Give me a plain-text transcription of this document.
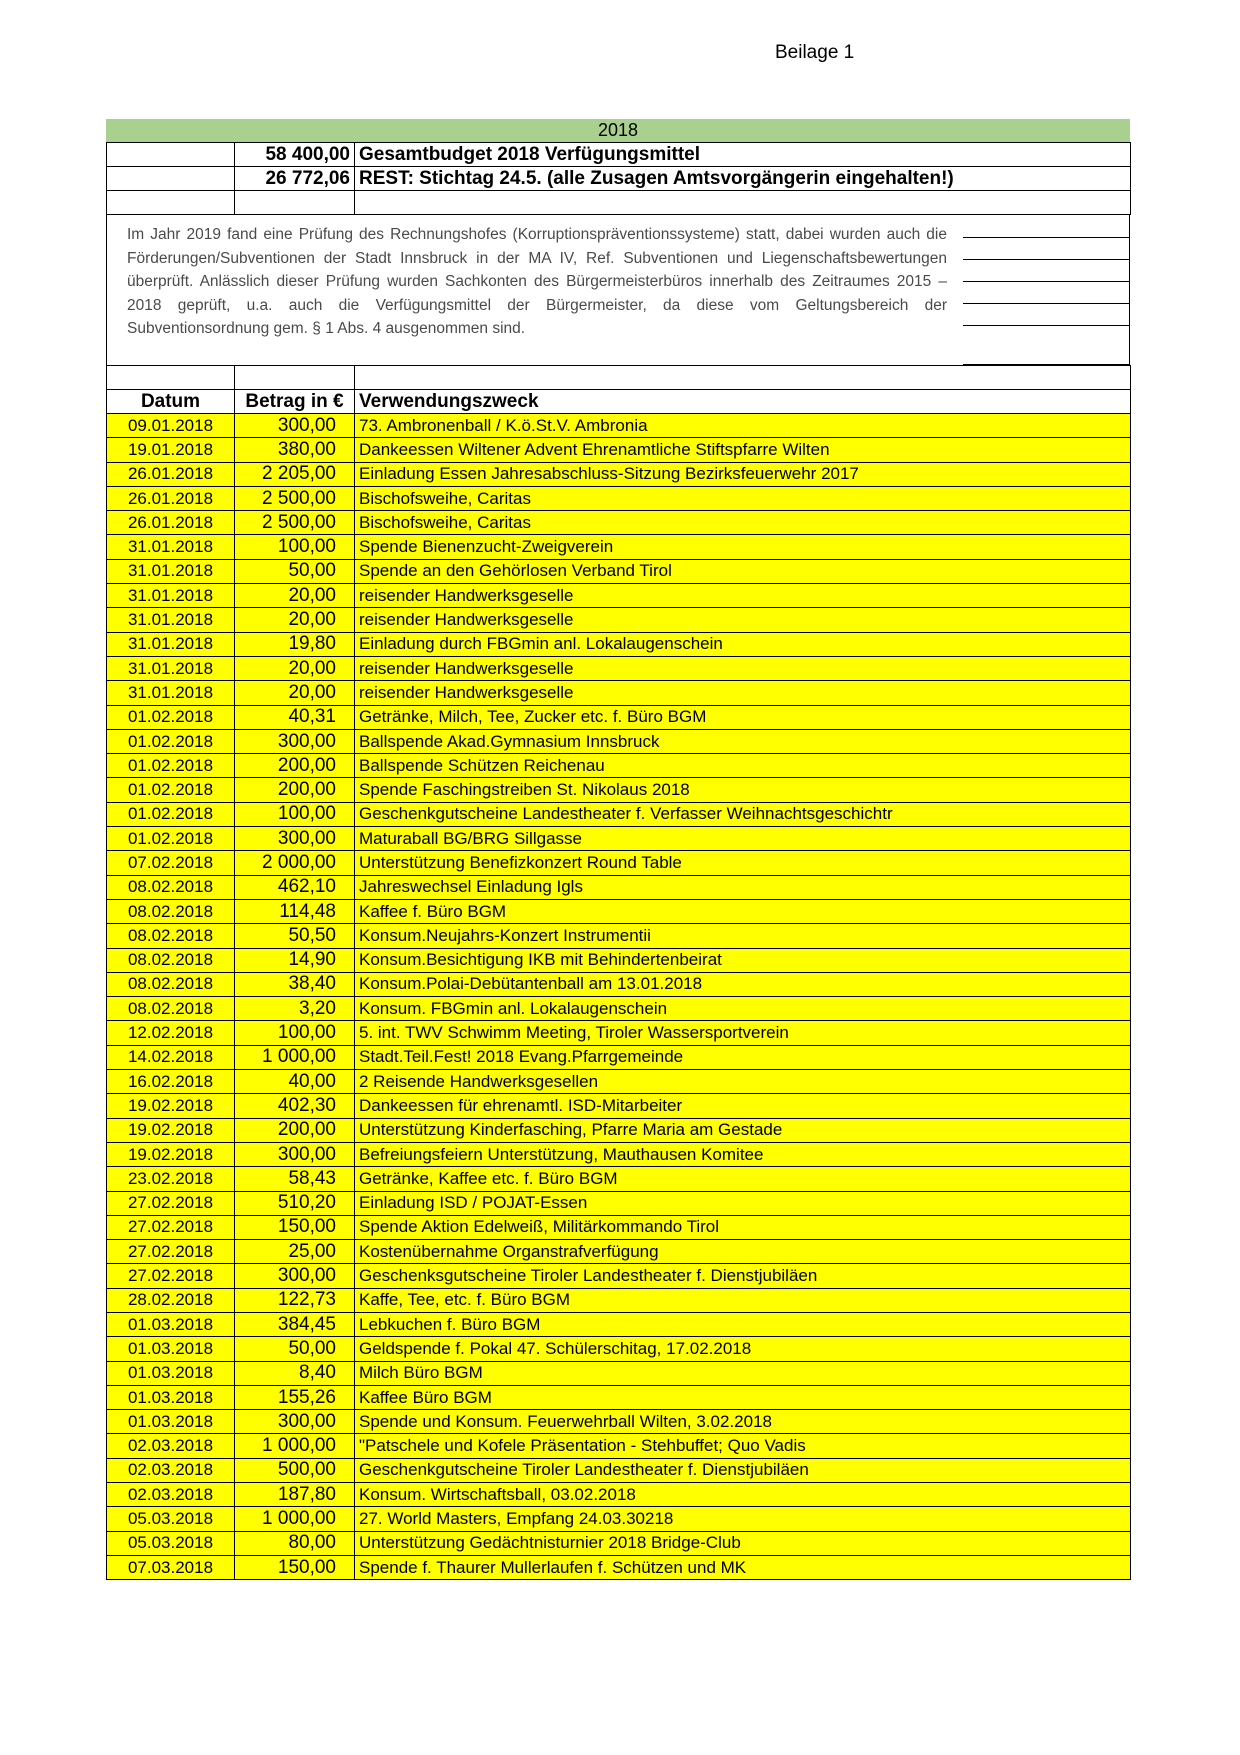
Beilage 1
2018
	58 400,00	Gesamtbudget 2018 Verfügungsmittel
	26 772,06	REST: Stichtag 24.5. (alle Zusagen Amtsvorgängerin eingehalten!)

Im Jahr 2019 fand eine Prüfung des Rechnungshofes (Korruptionspräventionssysteme) statt, dabei wurden auch die Förderungen/Subventionen der Stadt Innsbruck in der MA IV, Ref. Subventionen und Liegenschaftsbewertungen überprüft. Anlässlich dieser Prüfung wurden Sachkonten des Bürgermeisterbüros innerhalb des Zeitraumes 2015 – 2018 geprüft, u.a. auch die Verfügungsmittel der Bürgermeister, da diese vom Geltungsbereich der Subventionsordnung gem. § 1 Abs. 4 ausgenommen sind.

Datum	Betrag in €	Verwendungszweck
09.01.2018	300,00	73. Ambronenball / K.ö.St.V. Ambronia
19.01.2018	380,00	Dankeessen Wiltener Advent Ehrenamtliche Stiftspfarre Wilten
26.01.2018	2 205,00	Einladung Essen Jahresabschluss-Sitzung Bezirksfeuerwehr 2017
26.01.2018	2 500,00	Bischofsweihe, Caritas
26.01.2018	2 500,00	Bischofsweihe, Caritas
31.01.2018	100,00	Spende Bienenzucht-Zweigverein
31.01.2018	50,00	Spende an den Gehörlosen Verband Tirol
31.01.2018	20,00	reisender Handwerksgeselle
31.01.2018	20,00	reisender Handwerksgeselle
31.01.2018	19,80	Einladung durch FBGmin anl. Lokalaugenschein
31.01.2018	20,00	reisender Handwerksgeselle
31.01.2018	20,00	reisender Handwerksgeselle
01.02.2018	40,31	Getränke, Milch, Tee, Zucker etc. f. Büro BGM
01.02.2018	300,00	Ballspende Akad.Gymnasium Innsbruck
01.02.2018	200,00	Ballspende Schützen Reichenau
01.02.2018	200,00	Spende Faschingstreiben St. Nikolaus 2018
01.02.2018	100,00	Geschenkgutscheine Landestheater f. Verfasser Weihnachtsgeschichtr
01.02.2018	300,00	Maturaball BG/BRG Sillgasse
07.02.2018	2 000,00	Unterstützung Benefizkonzert Round Table
08.02.2018	462,10	Jahreswechsel Einladung Igls
08.02.2018	114,48	Kaffee f. Büro BGM
08.02.2018	50,50	Konsum.Neujahrs-Konzert Instrumentii
08.02.2018	14,90	Konsum.Besichtigung IKB mit Behindertenbeirat
08.02.2018	38,40	Konsum.Polai-Debütantenball am 13.01.2018
08.02.2018	3,20	Konsum. FBGmin anl. Lokalaugenschein
12.02.2018	100,00	5. int. TWV Schwimm Meeting, Tiroler Wassersportverein
14.02.2018	1 000,00	Stadt.Teil.Fest! 2018 Evang.Pfarrgemeinde
16.02.2018	40,00	2 Reisende Handwerksgesellen
19.02.2018	402,30	Dankeessen für ehrenamtl. ISD-Mitarbeiter
19.02.2018	200,00	Unterstützung Kinderfasching, Pfarre Maria am Gestade
19.02.2018	300,00	Befreiungsfeiern Unterstützung, Mauthausen Komitee
23.02.2018	58,43	Getränke, Kaffee etc. f. Büro BGM
27.02.2018	510,20	Einladung ISD / POJAT-Essen
27.02.2018	150,00	Spende Aktion Edelweiß, Militärkommando Tirol
27.02.2018	25,00	Kostenübernahme Organstrafverfügung
27.02.2018	300,00	Geschenksgutscheine Tiroler Landestheater f. Dienstjubiläen
28.02.2018	122,73	Kaffe, Tee, etc. f. Büro BGM
01.03.2018	384,45	Lebkuchen f. Büro BGM
01.03.2018	50,00	Geldspende f. Pokal 47. Schülerschitag, 17.02.2018
01.03.2018	8,40	Milch Büro BGM
01.03.2018	155,26	Kaffee Büro BGM
01.03.2018	300,00	Spende und Konsum. Feuerwehrball Wilten, 3.02.2018
02.03.2018	1 000,00	"Patschele und Kofele Präsentation - Stehbuffet; Quo Vadis
02.03.2018	500,00	Geschenkgutscheine Tiroler Landestheater f. Dienstjubiläen
02.03.2018	187,80	Konsum. Wirtschaftsball, 03.02.2018
05.03.2018	1 000,00	27. World Masters, Empfang 24.03.30218
05.03.2018	80,00	Unterstützung Gedächtnisturnier 2018 Bridge-Club
07.03.2018	150,00	Spende f. Thaurer Mullerlaufen f. Schützen und MK
